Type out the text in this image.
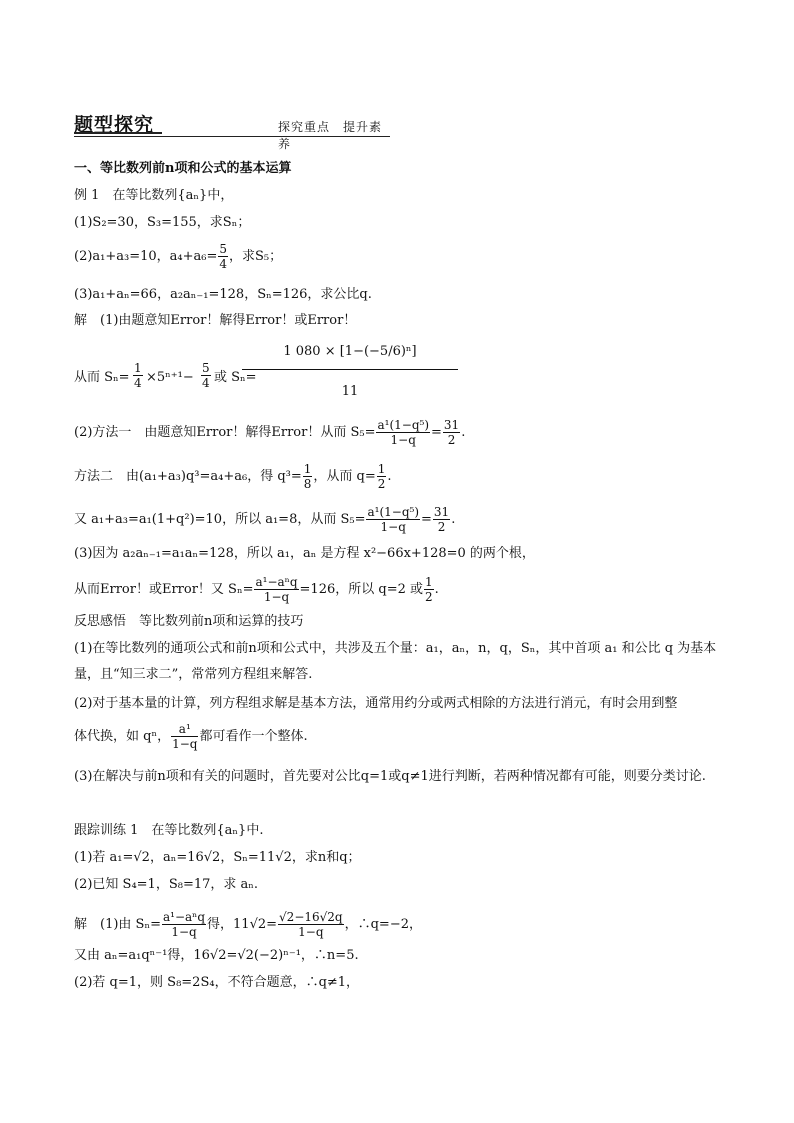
题型探究	探究重点　提升素养
一、等比数列前n项和公式的基本运算
例 1　在等比数列{aₙ}中，
(1)S₂=30，S₃=155，求Sₙ；
(2)a₁+a₃=10，$a_4+a_6= \frac{5}{4}$ ，求S₅；
(3)a₁+aₙ=66，a₂aₙ₋₁=128，Sₙ=126，求公比q.
解　(1)由题意知Error！解得Error！或Error！
从而 $S_n= \frac{1}{4} \times 5^{n+1}- \frac{5}{4}$ 或 Sₙ=
1 080 × [1−(−5/6)ⁿ]
11
(2)方法一　由题意知Error！解得Error！从而 $S_5= \frac{\text{a¹(1−q⁵)}}{1-q} = \frac{31}{2}$ .
方法二　由(a₁+a₃)q³=a₄+a₆，得 $q^3= \frac{1}{8}$ ，从而 $q= \frac{1}{2}$ .
又 a₁+a₃=a₁(1+q²)=10，所以 a₁=8，从而 $S_5= \frac{\text{a¹(1−q⁵)}}{1-q} = \frac{31}{2}$ .
(3)因为 a₂aₙ₋₁=a₁aₙ=128，所以 a₁，aₙ 是方程 x²−66x+128=0 的两个根，
从而Error！或Error！又 $S_n= \frac{\text{a¹−aⁿq}}{1-q} =126$，所以 q=2 或 $\frac{1}{2}$ .
反思感悟　等比数列前n项和运算的技巧
(1)在等比数列的通项公式和前n项和公式中，共涉及五个量：a₁，aₙ，n，q，Sₙ，其中首项 a₁ 和公比 q 为基本量，且“知三求二”，常常列方程组来解答.
(2)对于基本量的计算，列方程组求解是基本方法，通常用约分或两式相除的方法进行消元，有时会用到整
体代换，如 qⁿ， $\frac{\text{a¹}}{1-q}$ 都可看作一个整体.
(3)在解决与前n项和有关的问题时，首先要对公比q=1或q≠1进行判断，若两种情况都有可能，则要分类讨论.
跟踪训练 1　在等比数列{aₙ}中.
(1)若 a₁=√2，aₙ=16√2，Sₙ=11√2，求n和q；
(2)已知 S₄=1，S₈=17，求 aₙ.
解　(1)由 $S_n= \frac{\text{a¹−aⁿq}}{1-q}$ 得，$11√2= \frac{√2-16√2q}{1-q}$ ，∴q=−2，
又由 aₙ=a₁qⁿ⁻¹得，16√2=√2(−2)ⁿ⁻¹，∴n=5.
(2)若 q=1，则 S₈=2S₄，不符合题意，∴q≠1，
